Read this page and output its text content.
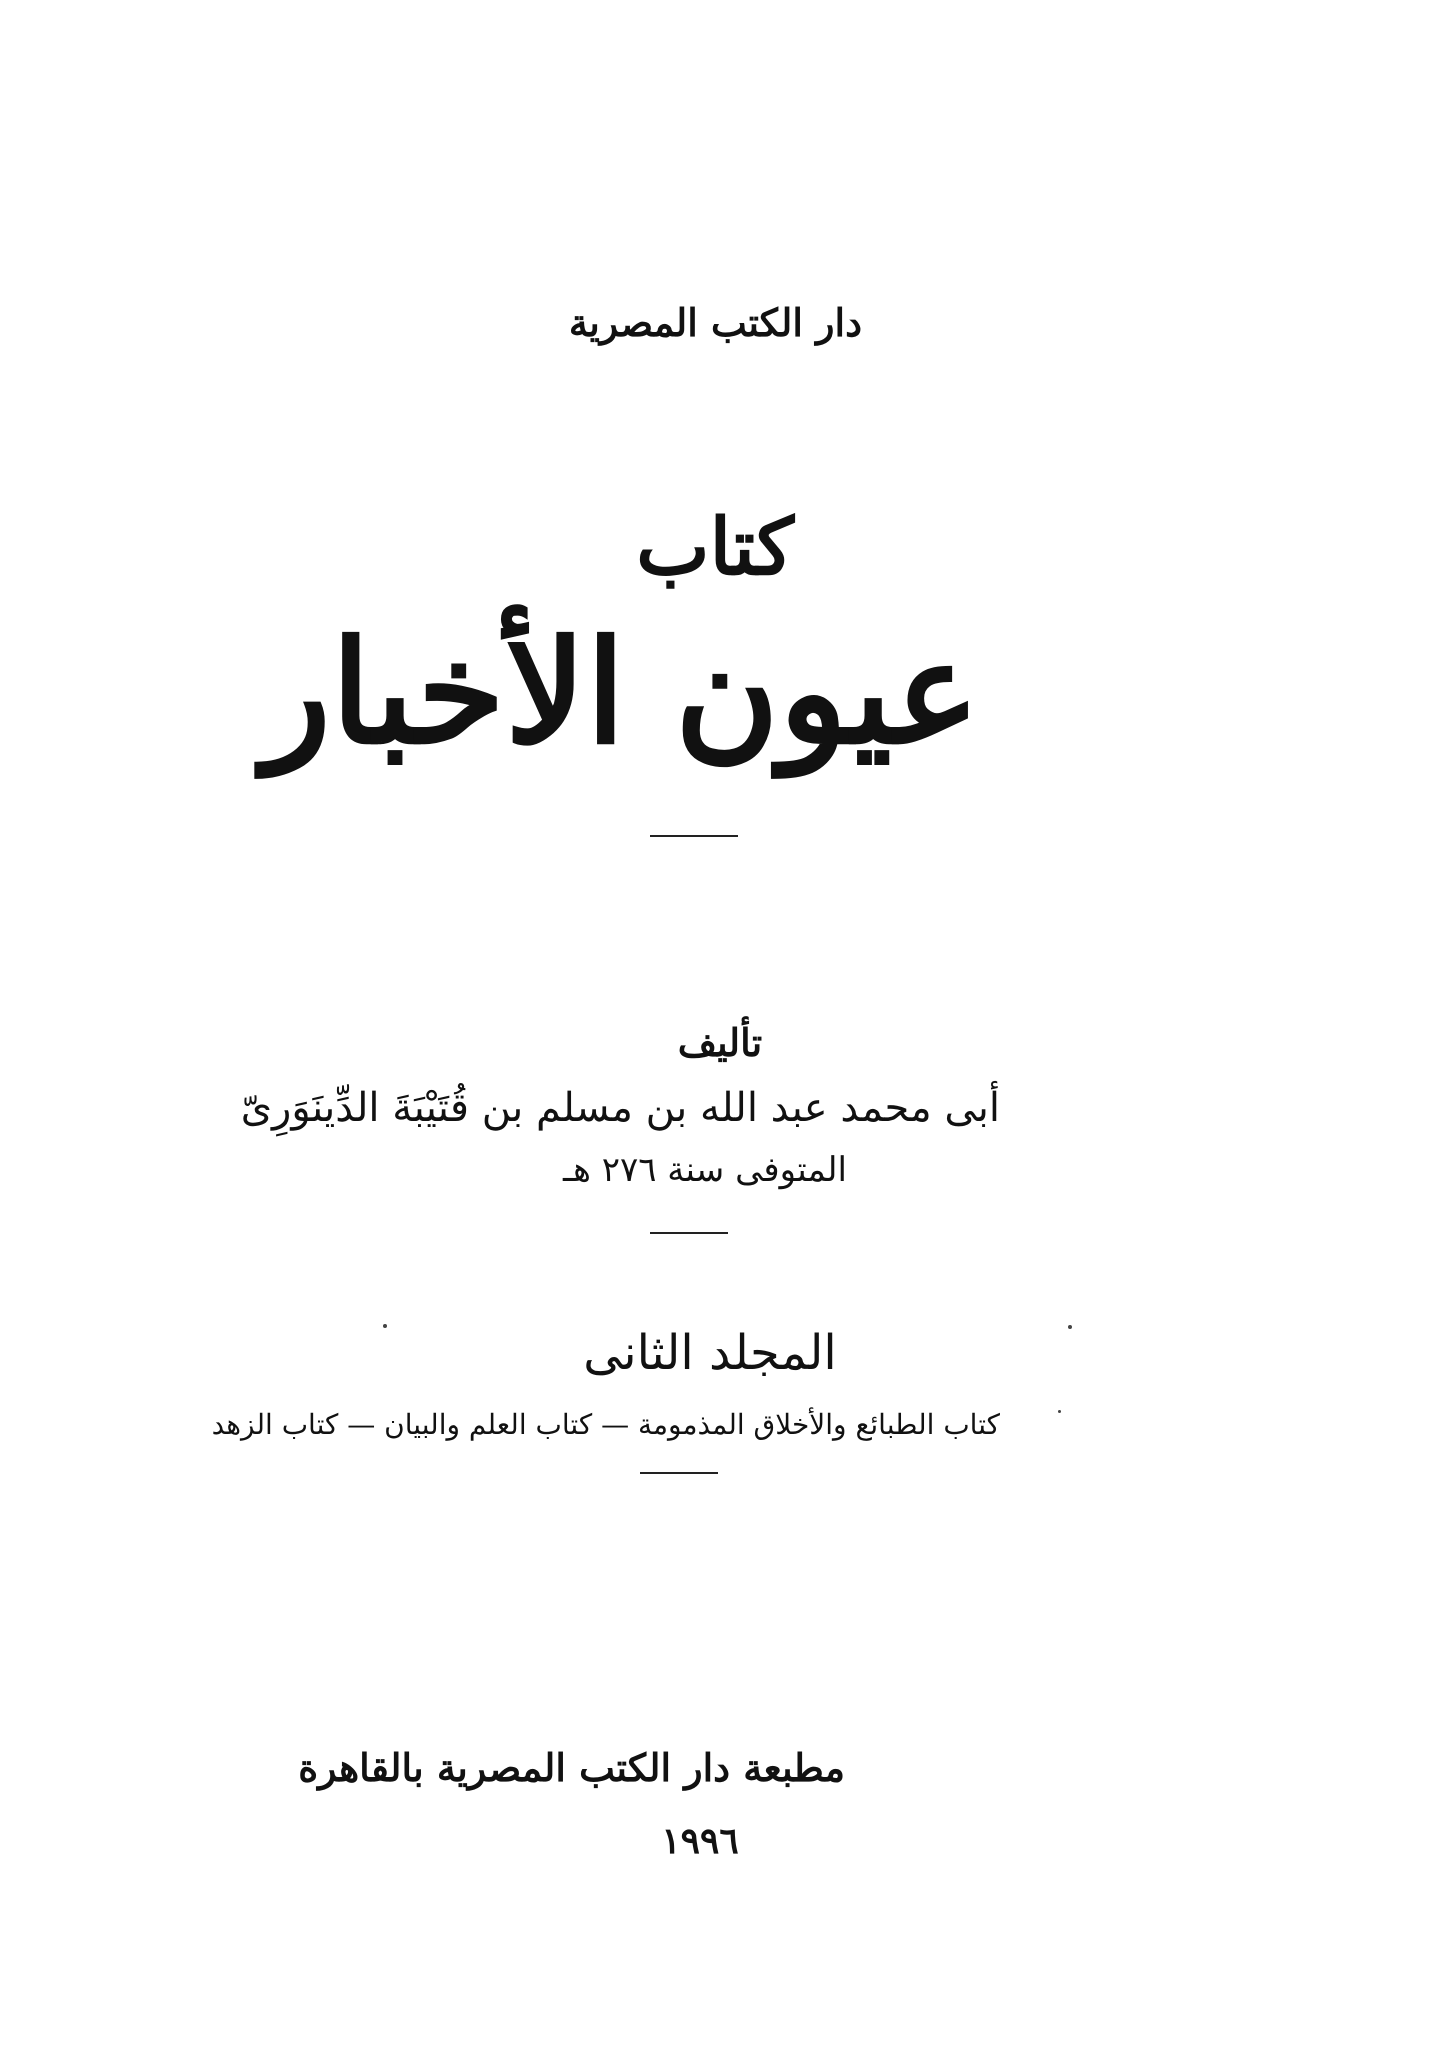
دار الكتب المصرية
كتاب
عيون الأخبار
تأليف
أبى محمد عبد الله بن مسلم بن قُتَيْبَةَ الدِّينَوَرِىّ
المتوفى سنة ٢٧٦ هـ
المجلد الثانى
كتاب الطبائع والأخلاق المذمومة — كتاب العلم والبيان — كتاب الزهد
مطبعة دار الكتب المصرية بالقاهرة
١٩٩٦
